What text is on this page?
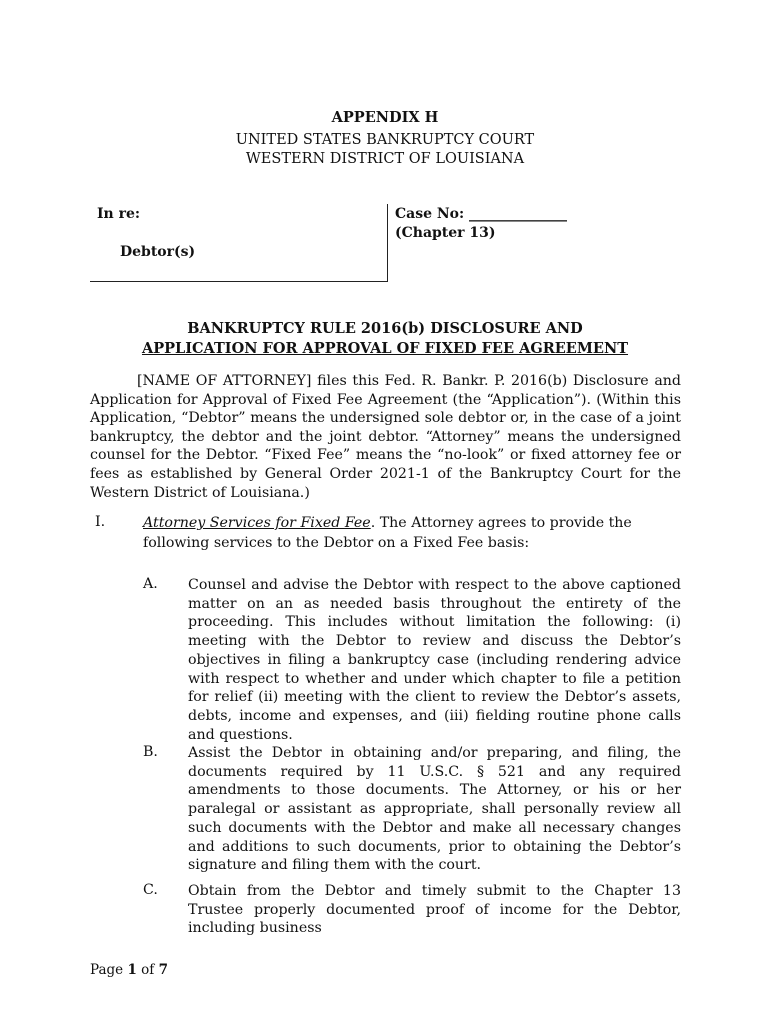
APPENDIX H
UNITED STATES BANKRUPTCY COURT
WESTERN DISTRICT OF LOUISIANA
In re:
Debtor(s)
Case No: ______________
(Chapter 13)
BANKRUPTCY RULE 2016(b) DISCLOSURE AND
APPLICATION FOR APPROVAL OF FIXED FEE AGREEMENT
[NAME OF ATTORNEY] files this Fed. R. Bankr. P. 2016(b) Disclosure and Application for Approval of Fixed Fee Agreement (the “Application”). (Within this Application, “Debtor” means the undersigned sole debtor or, in the case of a joint bankruptcy, the debtor and the joint debtor. “Attorney” means the undersigned counsel for the Debtor. “Fixed Fee” means the “no-look” or fixed attorney fee or fees as established by General Order 2021-1 of the Bankruptcy Court for the Western District of Louisiana.)
I.	Attorney Services for Fixed Fee. The Attorney agrees to provide the following services to the Debtor on a Fixed Fee basis:
A. Counsel and advise the Debtor with respect to the above captioned matter on an as needed basis throughout the entirety of the proceeding. This includes without limitation the following: (i) meeting with the Debtor to review and discuss the Debtor’s objectives in filing a bankruptcy case (including rendering advice with respect to whether and under which chapter to file a petition for relief (ii) meeting with the client to review the Debtor’s assets, debts, income and expenses, and (iii) fielding routine phone calls and questions.
B. Assist the Debtor in obtaining and/or preparing, and filing, the documents required by 11 U.S.C. § 521 and any required amendments to those documents. The Attorney, or his or her paralegal or assistant as appropriate, shall personally review all such documents with the Debtor and make all necessary changes and additions to such documents, prior to obtaining the Debtor’s signature and filing them with the court.
C. Obtain from the Debtor and timely submit to the Chapter 13 Trustee properly documented proof of income for the Debtor, including business
Page 1 of 7
